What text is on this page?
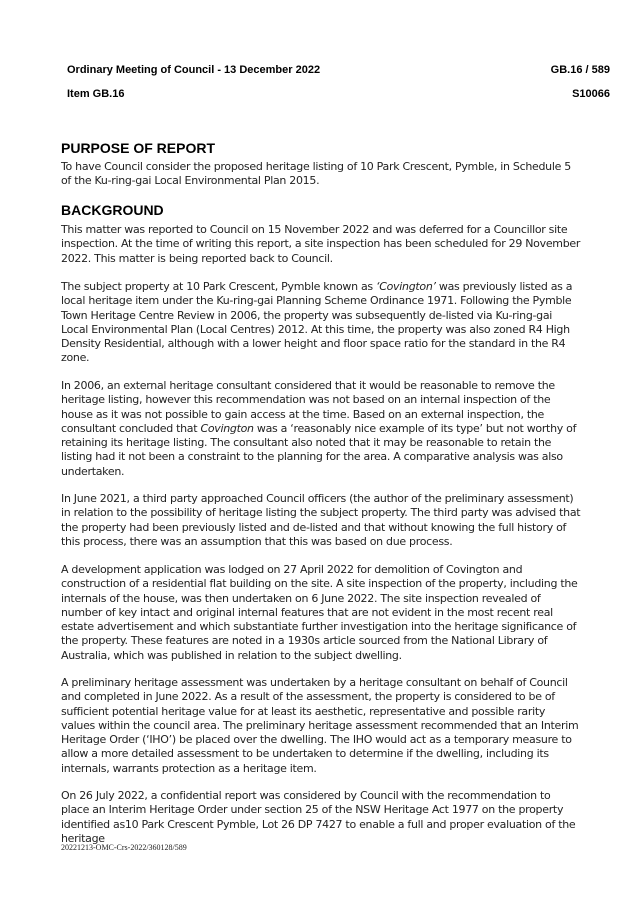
Ordinary Meeting of Council - 13 December 2022	GB.16 / 589
Item GB.16	S10066
PURPOSE OF REPORT

To have Council consider the proposed heritage listing of 10 Park Crescent, Pymble, in Schedule 5 of the Ku-ring-gai Local Environmental Plan 2015.

BACKGROUND

This matter was reported to Council on 15 November 2022 and was deferred for a Councillor site inspection. At the time of writing this report, a site inspection has been scheduled for 29 November 2022. This matter is being reported back to Council.

The subject property at 10 Park Crescent, Pymble known as ‘Covington’ was previously listed as a local heritage item under the Ku-ring-gai Planning Scheme Ordinance 1971. Following the Pymble Town Heritage Centre Review in 2006, the property was subsequently de-listed via Ku-ring-gai Local Environmental Plan (Local Centres) 2012. At this time, the property was also zoned R4 High Density Residential, although with a lower height and floor space ratio for the standard in the R4 zone.

In 2006, an external heritage consultant considered that it would be reasonable to remove the heritage listing, however this recommendation was not based on an internal inspection of the house as it was not possible to gain access at the time. Based on an external inspection, the consultant concluded that Covington was a ‘reasonably nice example of its type’ but not worthy of retaining its heritage listing. The consultant also noted that it may be reasonable to retain the listing had it not been a constraint to the planning for the area. A comparative analysis was also undertaken.

In June 2021, a third party approached Council officers (the author of the preliminary assessment) in relation to the possibility of heritage listing the subject property. The third party was advised that the property had been previously listed and de-listed and that without knowing the full history of this process, there was an assumption that this was based on due process.

A development application was lodged on 27 April 2022 for demolition of Covington and construction of a residential flat building on the site. A site inspection of the property, including the internals of the house, was then undertaken on 6 June 2022. The site inspection revealed of number of key intact and original internal features that are not evident in the most recent real estate advertisement and which substantiate further investigation into the heritage significance of the property. These features are noted in a 1930s article sourced from the National Library of Australia, which was published in relation to the subject dwelling.

A preliminary heritage assessment was undertaken by a heritage consultant on behalf of Council and completed in June 2022. As a result of the assessment, the property is considered to be of sufficient potential heritage value for at least its aesthetic, representative and possible rarity values within the council area. The preliminary heritage assessment recommended that an Interim Heritage Order (‘IHO’) be placed over the dwelling. The IHO would act as a temporary measure to allow a more detailed assessment to be undertaken to determine if the dwelling, including its internals, warrants protection as a heritage item.

On 26 July 2022, a confidential report was considered by Council with the recommendation to place an Interim Heritage Order under section 25 of the NSW Heritage Act 1977 on the property identified as10 Park Crescent Pymble, Lot 26 DP 7427 to enable a full and proper evaluation of the heritage

20221213-OMC-Crs-2022/360128/589
